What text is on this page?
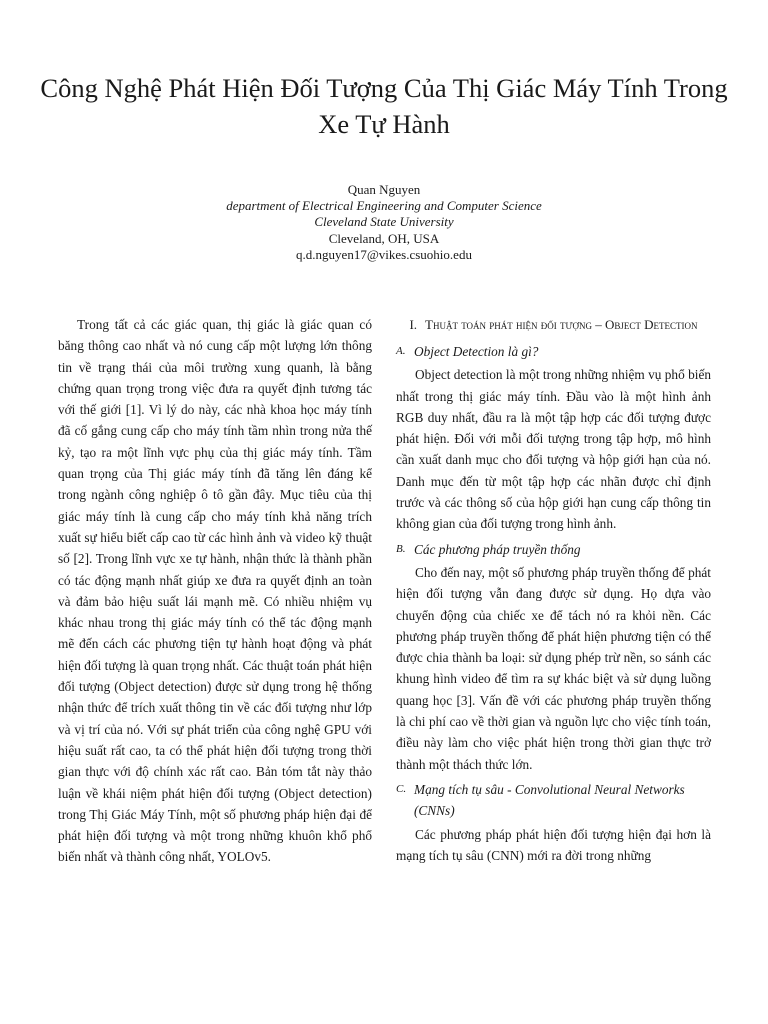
Công Nghệ Phát Hiện Đối Tượng Của Thị Giác Máy Tính Trong Xe Tự Hành
Quan Nguyen
department of Electrical Engineering and Computer Science
Cleveland State University
Cleveland, OH, USA
q.d.nguyen17@vikes.csuohio.edu

Trong tất cả các giác quan, thị giác là giác quan có băng thông cao nhất và nó cung cấp một lượng lớn thông tin về trạng thái của môi trường xung quanh, là bằng chứng quan trọng trong việc đưa ra quyết định tương tác với thế giới [1]. Vì lý do này, các nhà khoa học máy tính đã cố gắng cung cấp cho máy tính tầm nhìn trong nửa thế kỷ, tạo ra một lĩnh vực phụ của thị giác máy tính. Tầm quan trọng của Thị giác máy tính đã tăng lên đáng kể trong ngành công nghiệp ô tô gần đây. Mục tiêu của thị giác máy tính là cung cấp cho máy tính khả năng trích xuất sự hiểu biết cấp cao từ các hình ảnh và video kỹ thuật số [2]. Trong lĩnh vực xe tự hành, nhận thức là thành phần có tác động mạnh nhất giúp xe đưa ra quyết định an toàn và đảm bảo hiệu suất lái mạnh mẽ. Có nhiều nhiệm vụ khác nhau trong thị giác máy tính có thể tác động mạnh mẽ đến cách các phương tiện tự hành hoạt động và phát hiện đối tượng là quan trọng nhất. Các thuật toán phát hiện đối tượng (Object detection) được sử dụng trong hệ thống nhận thức để trích xuất thông tin về các đối tượng như lớp và vị trí của nó. Với sự phát triển của công nghệ GPU với hiệu suất rất cao, ta có thể phát hiện đối tượng trong thời gian thực với độ chính xác rất cao. Bản tóm tắt này thảo luận về khái niệm phát hiện đối tượng (Object detection) trong Thị Giác Máy Tính, một số phương pháp hiện đại để phát hiện đối tượng và một trong những khuôn khổ phổ biến nhất và thành công nhất, YOLOv5.

I. Thuật toán phát hiện đối tượng – Object Detection
A. Object Detection là gì?

Object detection là một trong những nhiệm vụ phổ biến nhất trong thị giác máy tính. Đầu vào là một hình ảnh RGB duy nhất, đầu ra là một tập hợp các đối tượng được phát hiện. Đối với mỗi đối tượng trong tập hợp, mô hình cần xuất danh mục cho đối tượng và hộp giới hạn của nó. Danh mục đến từ một tập hợp các nhãn được chỉ định trước và các thông số của hộp giới hạn cung cấp thông tin không gian của đối tượng trong hình ảnh.

B. Các phương pháp truyền thống

Cho đến nay, một số phương pháp truyền thống để phát hiện đối tượng vẫn đang được sử dụng. Họ dựa vào chuyển động của chiếc xe để tách nó ra khỏi nền. Các phương pháp truyền thống để phát hiện phương tiện có thể được chia thành ba loại: sử dụng phép trừ nền, so sánh các khung hình video để tìm ra sự khác biệt và sử dụng luồng quang học [3]. Vấn đề với các phương pháp truyền thống là chi phí cao về thời gian và nguồn lực cho việc tính toán, điều này làm cho việc phát hiện trong thời gian thực trở thành một thách thức lớn.

C. Mạng tích tụ sâu - Convolutional Neural Networks (CNNs)

Các phương pháp phát hiện đối tượng hiện đại hơn là mạng tích tụ sâu (CNN) mới ra đời trong những
